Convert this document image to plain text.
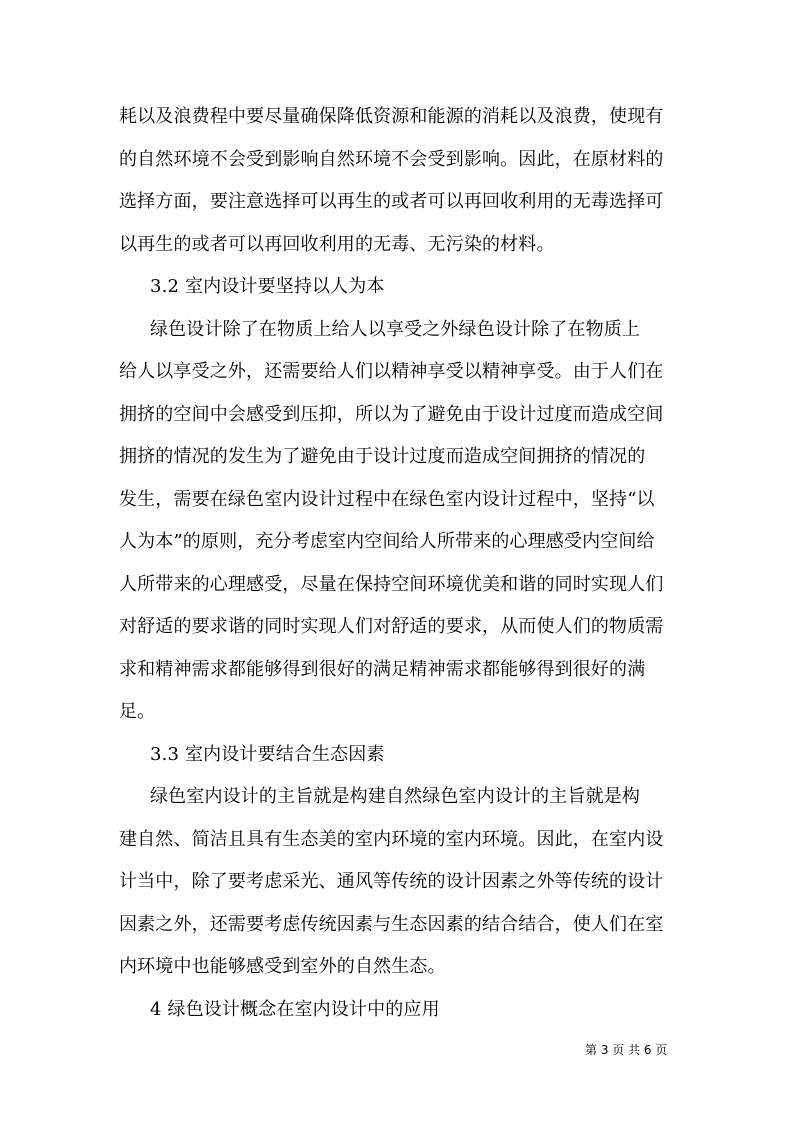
耗以及浪费程中要尽量确保降低资源和能源的消耗以及浪费，使现有
的自然环境不会受到影响自然环境不会受到影响。因此，在原材料的
选择方面，要注意选择可以再生的或者可以再回收利用的无毒选择可
以再生的或者可以再回收利用的无毒、无污染的材料。
3.2 室内设计要坚持以人为本
绿色设计除了在物质上给人以享受之外绿色设计除了在物质上
给人以享受之外，还需要给人们以精神享受以精神享受。由于人们在
拥挤的空间中会感受到压抑，所以为了避免由于设计过度而造成空间
拥挤的情况的发生为了避免由于设计过度而造成空间拥挤的情况的
发生，需要在绿色室内设计过程中在绿色室内设计过程中，坚持“以
人为本”的原则，充分考虑室内空间给人所带来的心理感受内空间给
人所带来的心理感受，尽量在保持空间环境优美和谐的同时实现人们
对舒适的要求谐的同时实现人们对舒适的要求，从而使人们的物质需
求和精神需求都能够得到很好的满足精神需求都能够得到很好的满
足。
3.3 室内设计要结合生态因素
绿色室内设计的主旨就是构建自然绿色室内设计的主旨就是构
建自然、简洁且具有生态美的室内环境的室内环境。因此，在室内设
计当中，除了要考虑采光、通风等传统的设计因素之外等传统的设计
因素之外，还需要考虑传统因素与生态因素的结合结合，使人们在室
内环境中也能够感受到室外的自然生态。
4 绿色设计概念在室内设计中的应用
第 3 页 共 6 页
